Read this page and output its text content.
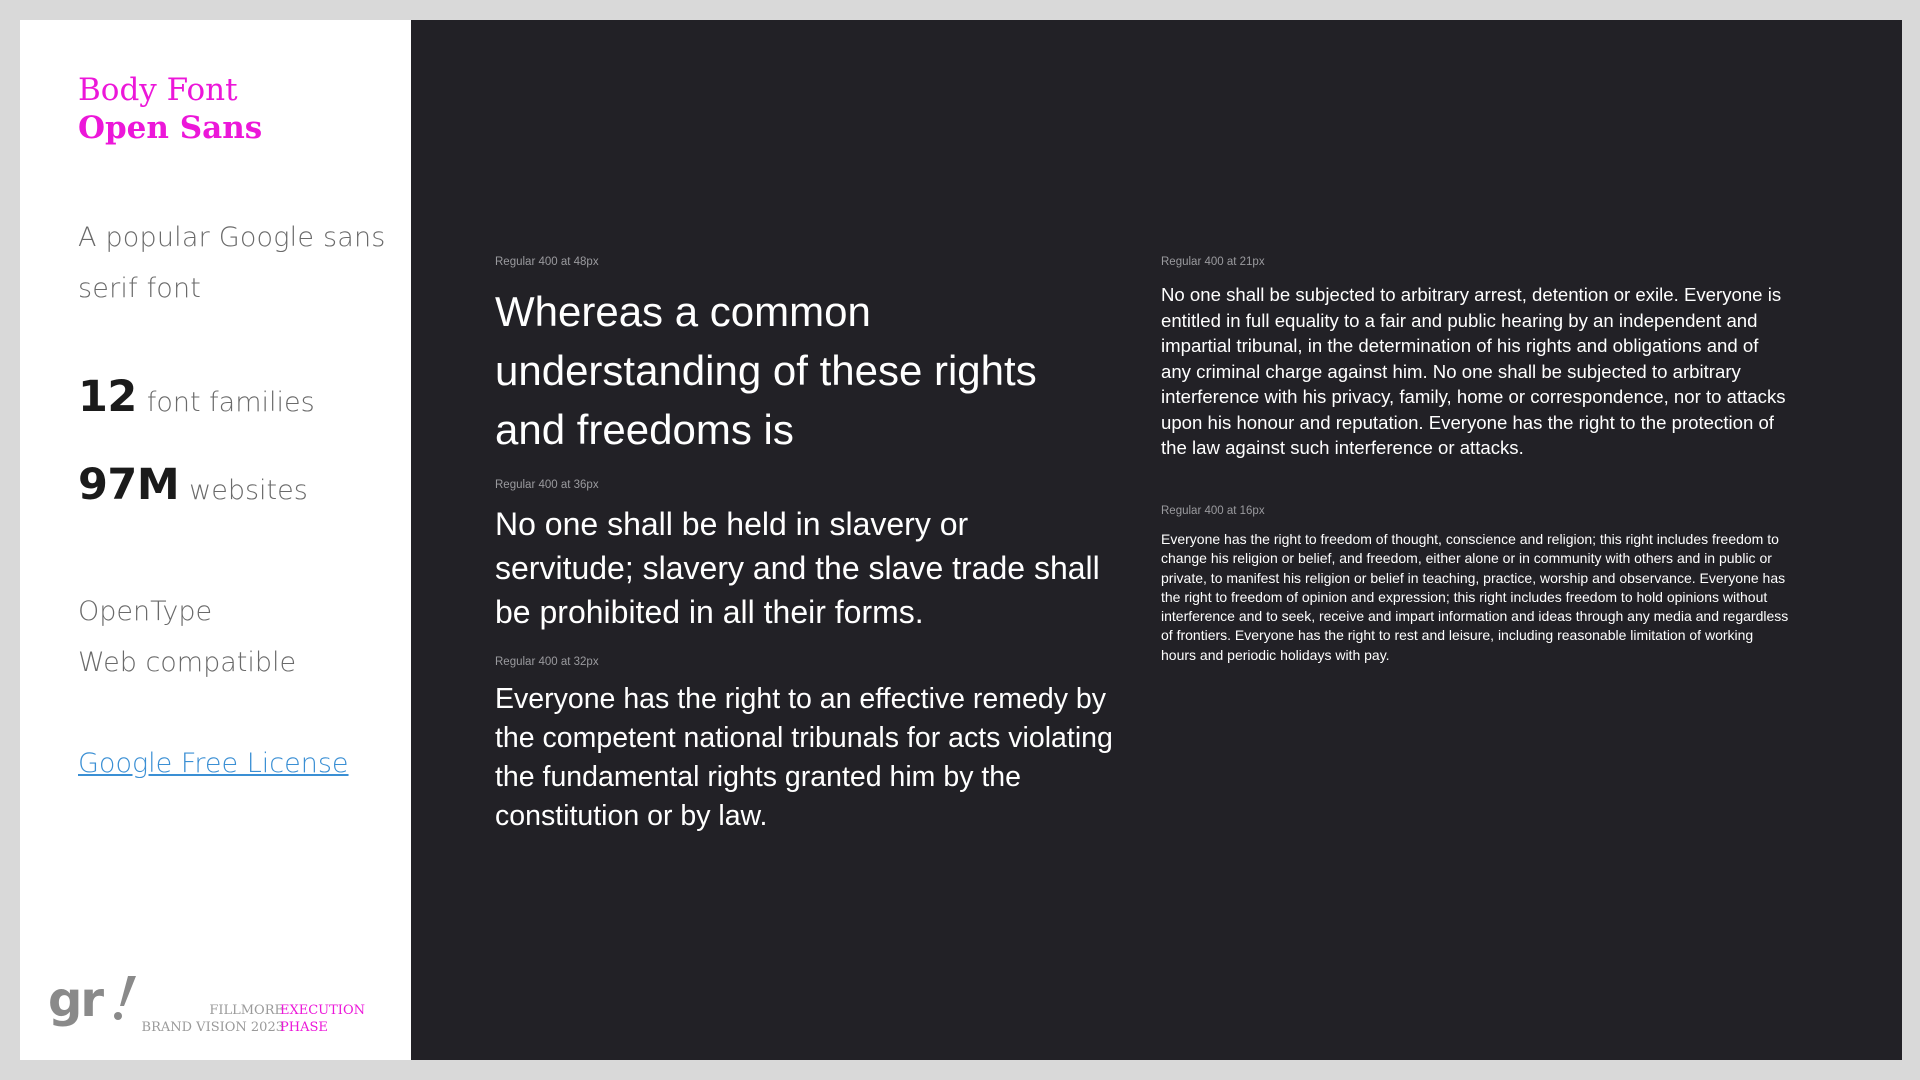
Body Font
Open Sans
A popular Google sans serif font
12 font families
97M websites
OpenType
Web compatible
Google Free License
gr	FILLMORE
BRAND VISION 2023
EXECUTION
PHASE
Regular 400 at 48px

Whereas a common understanding of these rights and freedoms is

Regular 400 at 36px

No one shall be held in slavery or servitude; slavery and the slave trade shall be prohibited in all their forms.

Regular 400 at 32px

Everyone has the right to an effective remedy by the competent national tribunals for acts violating the fundamental rights granted him by the constitution or by law.

Regular 400 at 21px

No one shall be subjected to arbitrary arrest, detention or exile. Everyone is entitled in full equality to a fair and public hearing by an independent and impartial tribunal, in the determination of his rights and obligations and of any criminal charge against him. No one shall be subjected to arbitrary interference with his privacy, family, home or correspondence, nor to attacks upon his honour and reputation. Everyone has the right to the protection of the law against such interference or attacks.

Regular 400 at 16px

Everyone has the right to freedom of thought, conscience and religion; this right includes freedom to change his religion or belief, and freedom, either alone or in community with others and in public or private, to manifest his religion or belief in teaching, practice, worship and observance. Everyone has the right to freedom of opinion and expression; this right includes freedom to hold opinions without interference and to seek, receive and impart information and ideas through any media and regardless of frontiers. Everyone has the right to rest and leisure, including reasonable limitation of working hours and periodic holidays with pay.
